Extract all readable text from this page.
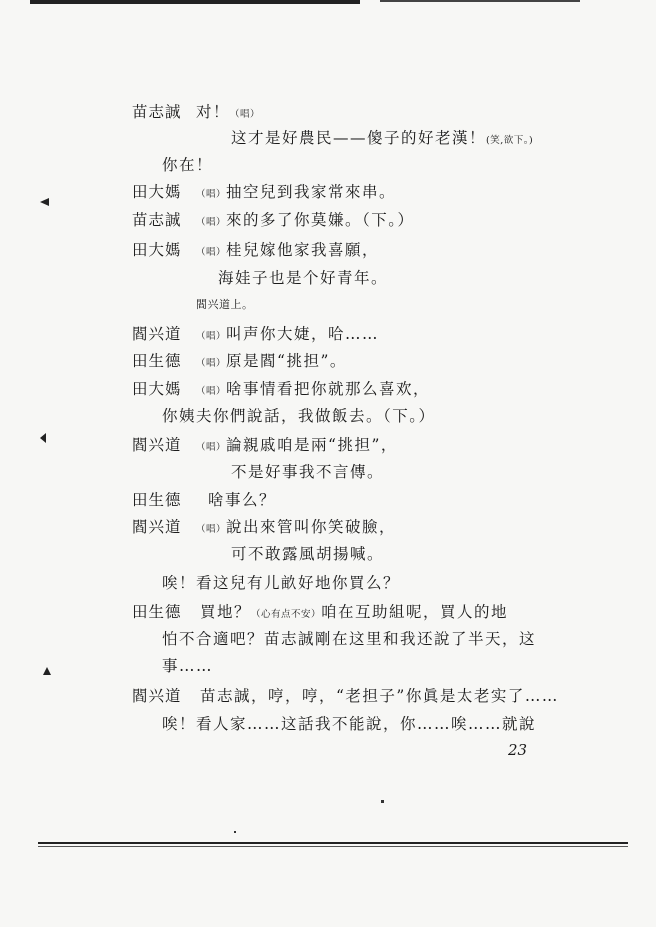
苗志誠 对！（唱）
这才是好農民——傻子的好老漢！(笑,欲下。)
你在！
田大媽 （唱）抽空兒到我家常來串。
苗志誠 （唱）來的多了你莫嫌。（下。）
田大媽 （唱）桂兒嫁他家我喜願，
海娃子也是个好青年。
閻兴道上。
閻兴道 （唱）叫声你大婕，哈……
田生德 （唱）原是閻“挑担”。
田大媽 （唱）啥事情看把你就那么喜欢，
你姨夫你們說話，我做飯去。（下。）
閻兴道 （唱）論親戚咱是兩“挑担”，
不是好事我不言傳。
田生德 啥事么？
閻兴道 （唱）說出來管叫你笑破臉，
可不敢露風胡揚喊。
唉！看这兒有儿畝好地你買么？
田生德 買地？（心有点不安）咱在互助組呢，買人的地
怕不合適吧？苗志誠剛在这里和我还說了半天，这
事……
閻兴道 苗志誠，哼，哼，“老担子”你眞是太老实了……
唉！看人家……这話我不能說，你……唉……就說
23
